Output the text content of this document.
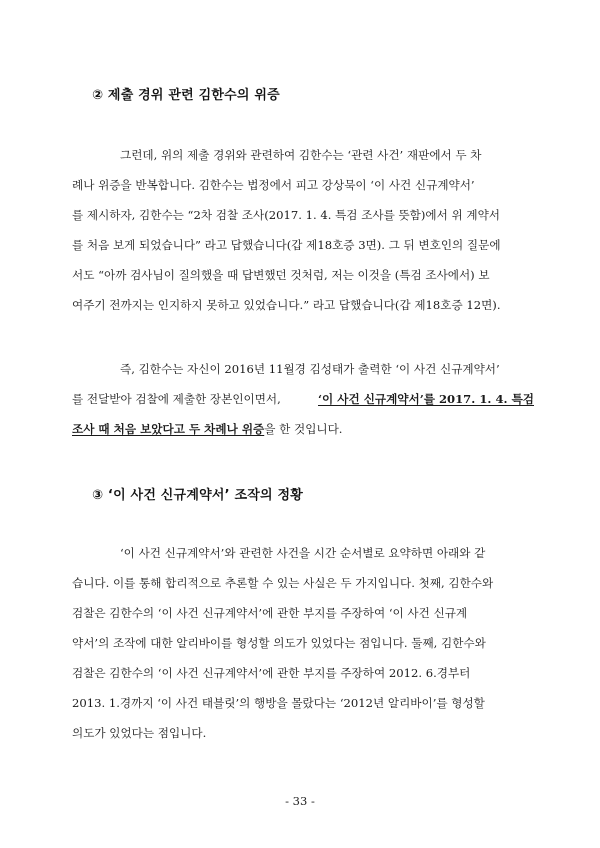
② 제출 경위 관련 김한수의 위증
그런데, 위의 제출 경위와 관련하여 김한수는 ‘관련 사건’ 재판에서 두 차
례나 위증을 반복합니다. 김한수는 법정에서 피고 강상묵이 ‘이 사건 신규계약서’
를 제시하자, 김한수는 “2차 검찰 조사(2017. 1. 4. 특검 조사를 뜻함)에서 위 계약서
를 처음 보게 되었습니다” 라고 답했습니다(갑 제18호증 3면). 그 뒤 변호인의 질문에
서도 “아까 검사님이 질의했을 때 답변했던 것처럼, 저는 이것을 (특검 조사에서) 보
여주기 전까지는 인지하지 못하고 있었습니다.” 라고 답했습니다(갑 제18호증 12면).
즉, 김한수는 자신이 2016년 11월경 김성태가 출력한 ‘이 사건 신규계약서’
를 전달받아 검찰에 제출한 장본인이면서,	‘이 사건 신규계약서’를 2017. 1. 4. 특검
조사 때 처음 보았다고 두 차례나 위증 을 한 것입니다.
③ ‘이 사건 신규계약서’ 조작의 정황
‘이 사건 신규계약서’와 관련한 사건을 시간 순서별로 요약하면 아래와 같
습니다. 이를 통해 합리적으로 추론할 수 있는 사실은 두 가지입니다. 첫째, 김한수와
검찰은 김한수의 ‘이 사건 신규계약서’에 관한 부지를 주장하여 ‘이 사건 신규계
약서’의 조작에 대한 알리바이를 형성할 의도가 있었다는 점입니다. 둘째, 김한수와
검찰은 김한수의 ‘이 사건 신규계약서’에 관한 부지를 주장하여 2012. 6.경부터
2013. 1.경까지 ‘이 사건 태블릿’의 행방을 몰랐다는 ‘2012년 알리바이’를 형성할
의도가 있었다는 점입니다.
- 33 -
